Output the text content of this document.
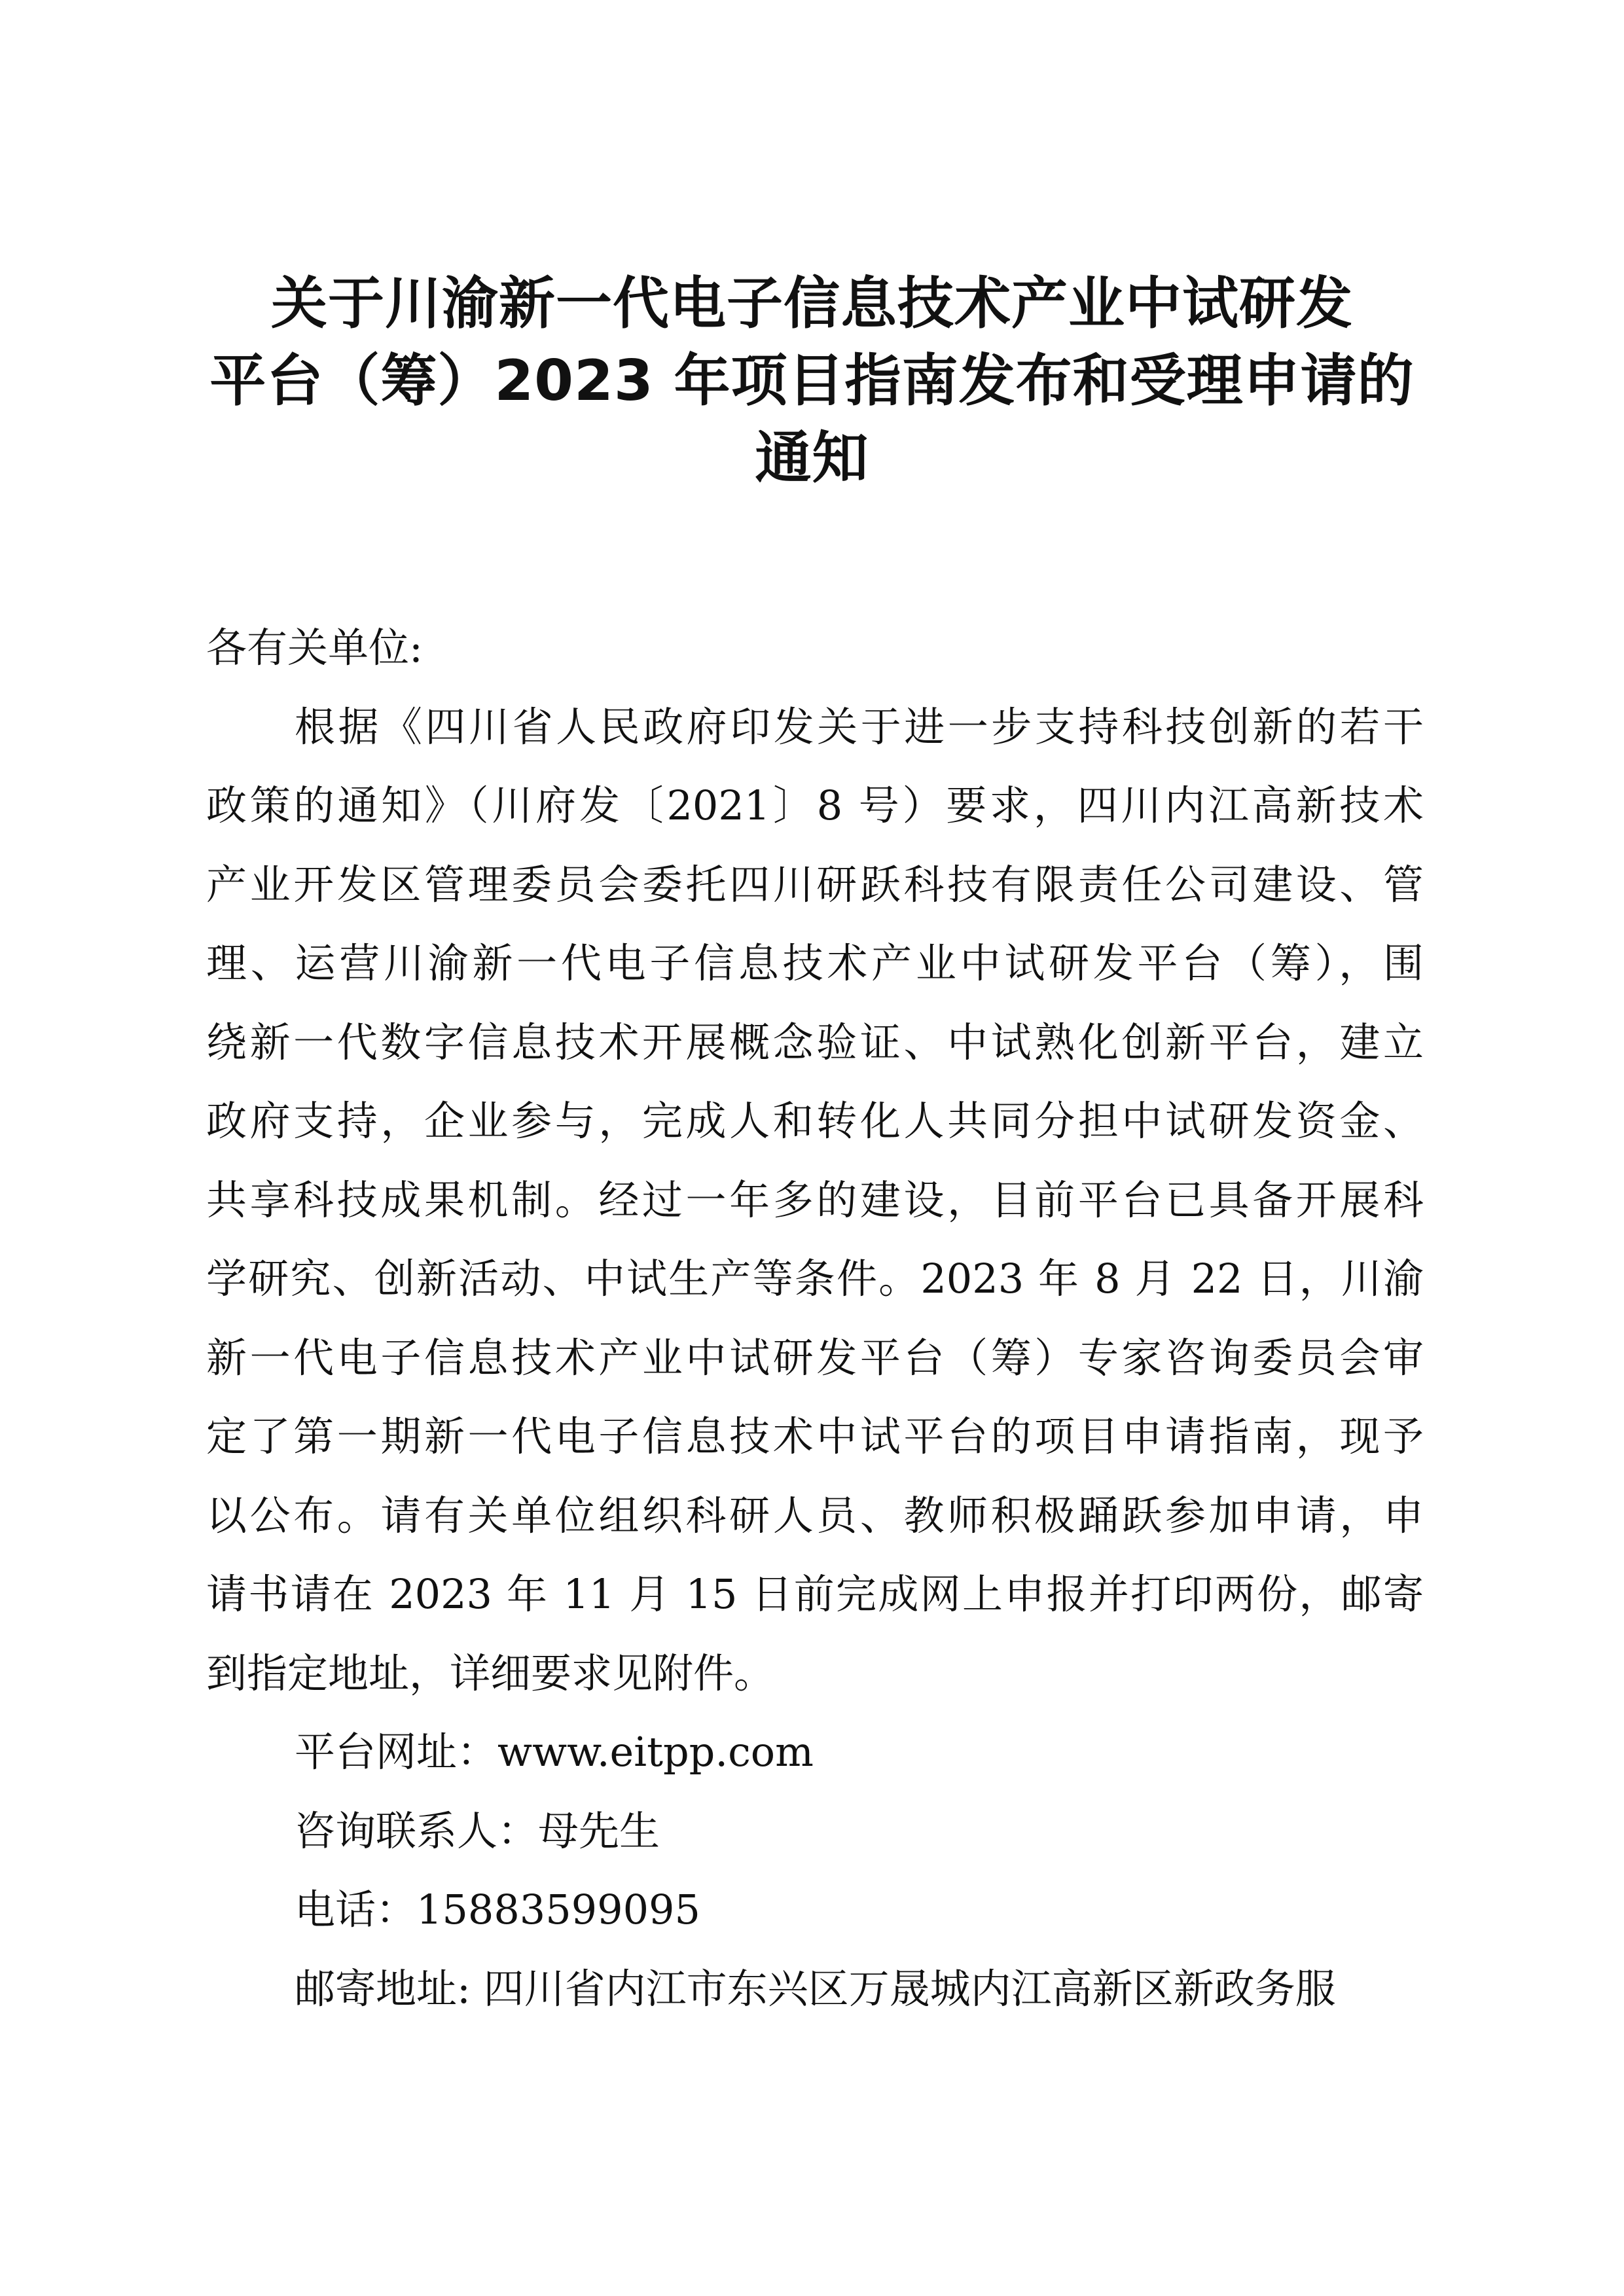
关于川渝新一代电子信息技术产业中试研发
平台（筹）2023 年项目指南发布和受理申请的
通知
各有关单位:
根据《四川省人民政府印发关于进一步支持科技创新的若干
政策的通知》（川府发〔2021〕8 号）要求，四川内江高新技术
产业开发区管理委员会委托四川研跃科技有限责任公司建设、管
理、运营川渝新一代电子信息技术产业中试研发平台（筹），围
绕新一代数字信息技术开展概念验证、中试熟化创新平台，建立
政府支持，企业参与，完成人和转化人共同分担中试研发资金、
共享科技成果机制。经过一年多的建设，目前平台已具备开展科
学研究、创新活动、中试生产等条件。2023 年 8 月 22 日，川渝
新一代电子信息技术产业中试研发平台（筹）专家咨询委员会审
定了第一期新一代电子信息技术中试平台的项目申请指南，现予
以公布。请有关单位组织科研人员、教师积极踊跃参加申请，申
请书请在 2023 年 11 月 15 日前完成网上申报并打印两份，邮寄
到指定地址，详细要求见附件。
平台网址：www.eitpp.com
咨询联系人：母先生
电话：15883599095
邮寄地址: 四川省内江市东兴区万晟城内江高新区新政务服
